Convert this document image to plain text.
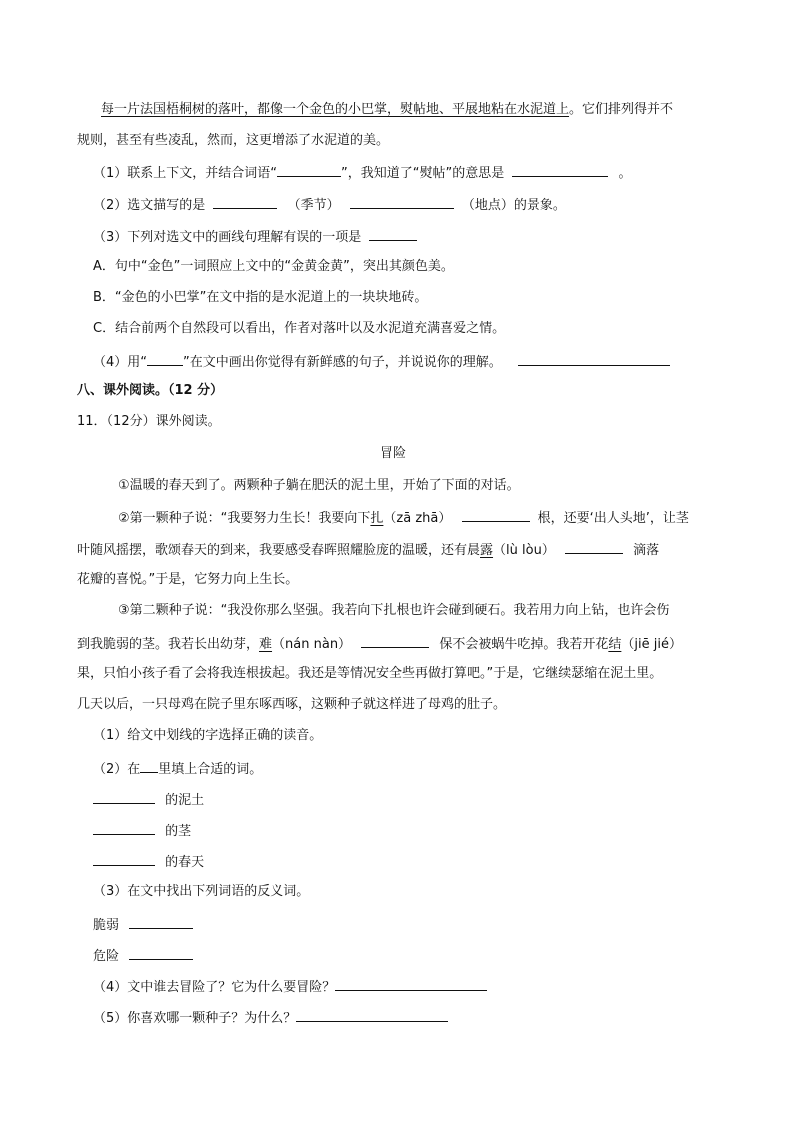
每一片法国梧桐树的落叶，都像一个金色的小巴掌，熨帖地、平展地粘在水泥道上。它们排列得并不
规则，甚至有些凌乱，然而，这更增添了水泥道的美。
（1）联系上下文，并结合词语“	”，我知道了“熨帖”的意思是	。
（2）选文描写的是	（季节）	（地点）的景象。
（3）下列对选文中的画线句理解有误的一项是
A．句中“金色”一词照应上文中的“金黄金黄”，突出其颜色美。
B．“金色的小巴掌”在文中指的是水泥道上的一块块地砖。
C．结合前两个自然段可以看出，作者对落叶以及水泥道充满喜爱之情。
（4）用“	”在文中画出你觉得有新鲜感的句子，并说说你的理解。
八、课外阅读。（12 分）
11．（12分）课外阅读。
冒险
①温暖的春天到了。两颗种子躺在肥沃的泥土里，开始了下面的对话。
②第一颗种子说：“我要努力生长！我要向下扎（zā zhā）	根，还要‘出人头地’，让茎
叶随风摇摆，歌颂春天的到来，我要感受春晖照耀脸庞的温暖，还有晨露（lù lòu）	滴落
花瓣的喜悦。”于是，它努力向上生长。
③第二颗种子说：“我没你那么坚强。我若向下扎根也许会碰到硬石。我若用力向上钻，也许会伤
到我脆弱的茎。我若长出幼芽，难（nán nàn）	保不会被蜗牛吃掉。我若开花结（jiē jié）
果，只怕小孩子看了会将我连根拔起。我还是等情况安全些再做打算吧。”于是，它继续瑟缩在泥土里。
几天以后，一只母鸡在院子里东啄西啄，这颗种子就这样进了母鸡的肚子。
（1）给文中划线的字选择正确的读音。
（2）在 里填上合适的词。
的泥土
的茎
的春天
（3）在文中找出下列词语的反义词。
脆弱
危险
（4）文中谁去冒险了？它为什么要冒险？
（5）你喜欢哪一颗种子？为什么？
